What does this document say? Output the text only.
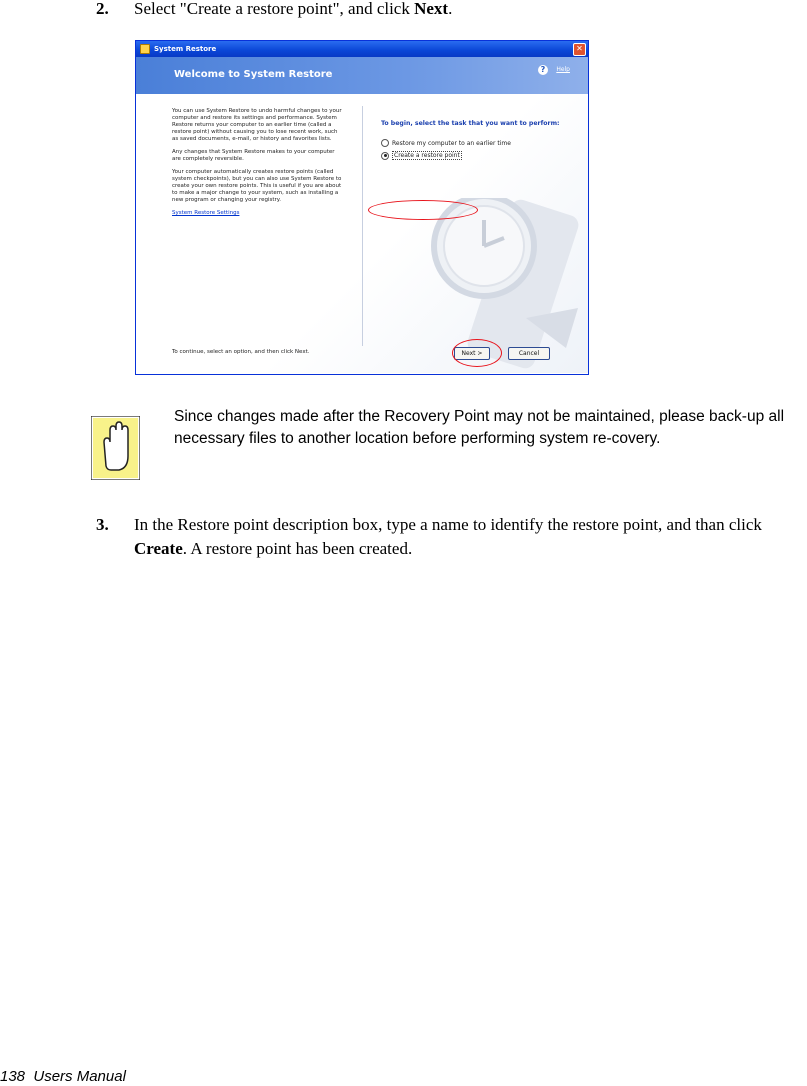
2. Select "Create a restore point", and click Next.
System Restore	✕
Welcome to System Restore	?	Help

You can use System Restore to undo harmful changes to your computer and restore its settings and performance. System Restore returns your computer to an earlier time (called a restore point) without causing you to lose recent work, such as saved documents, e-mail, or history and favorites lists.

Any changes that System Restore makes to your computer are completely reversible.

Your computer automatically creates restore points (called system checkpoints), but you can also use System Restore to create your own restore points. This is useful if you are about to make a major change to your system, such as installing a new program or changing your registry.

System Restore Settings
To begin, select the task that you want to perform:
Restore my computer to an earlier time
Create a restore point
To continue, select an option, and then click Next.	Next >	Cancel
Since changes made after the Recovery Point may not be maintained, please back-up all necessary files to another location before performing system re-covery.
3. In the Restore point description box, type a name to identify the restore point, and than click Create. A restore point has been created.
138 Users Manual
